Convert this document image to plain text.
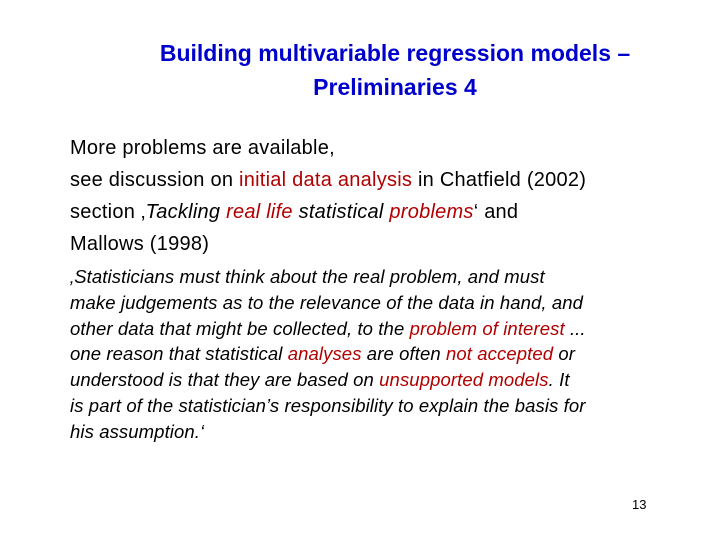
Building multivariable regression models –
Preliminaries 4
More problems are available,
see discussion on initial data analysis in Chatfield (2002)
section ‚Tackling real life statistical problems‘ and
Mallows (1998)
‚Statisticians must think about the real problem, and must
make judgements as to the relevance of the data in hand, and
other data that might be collected, to the problem of interest ...
one reason that statistical analyses are often not accepted or
understood is that they are based on unsupported models. It
is part of the statistician’s responsibility to explain the basis for
his assumption.‘
13
